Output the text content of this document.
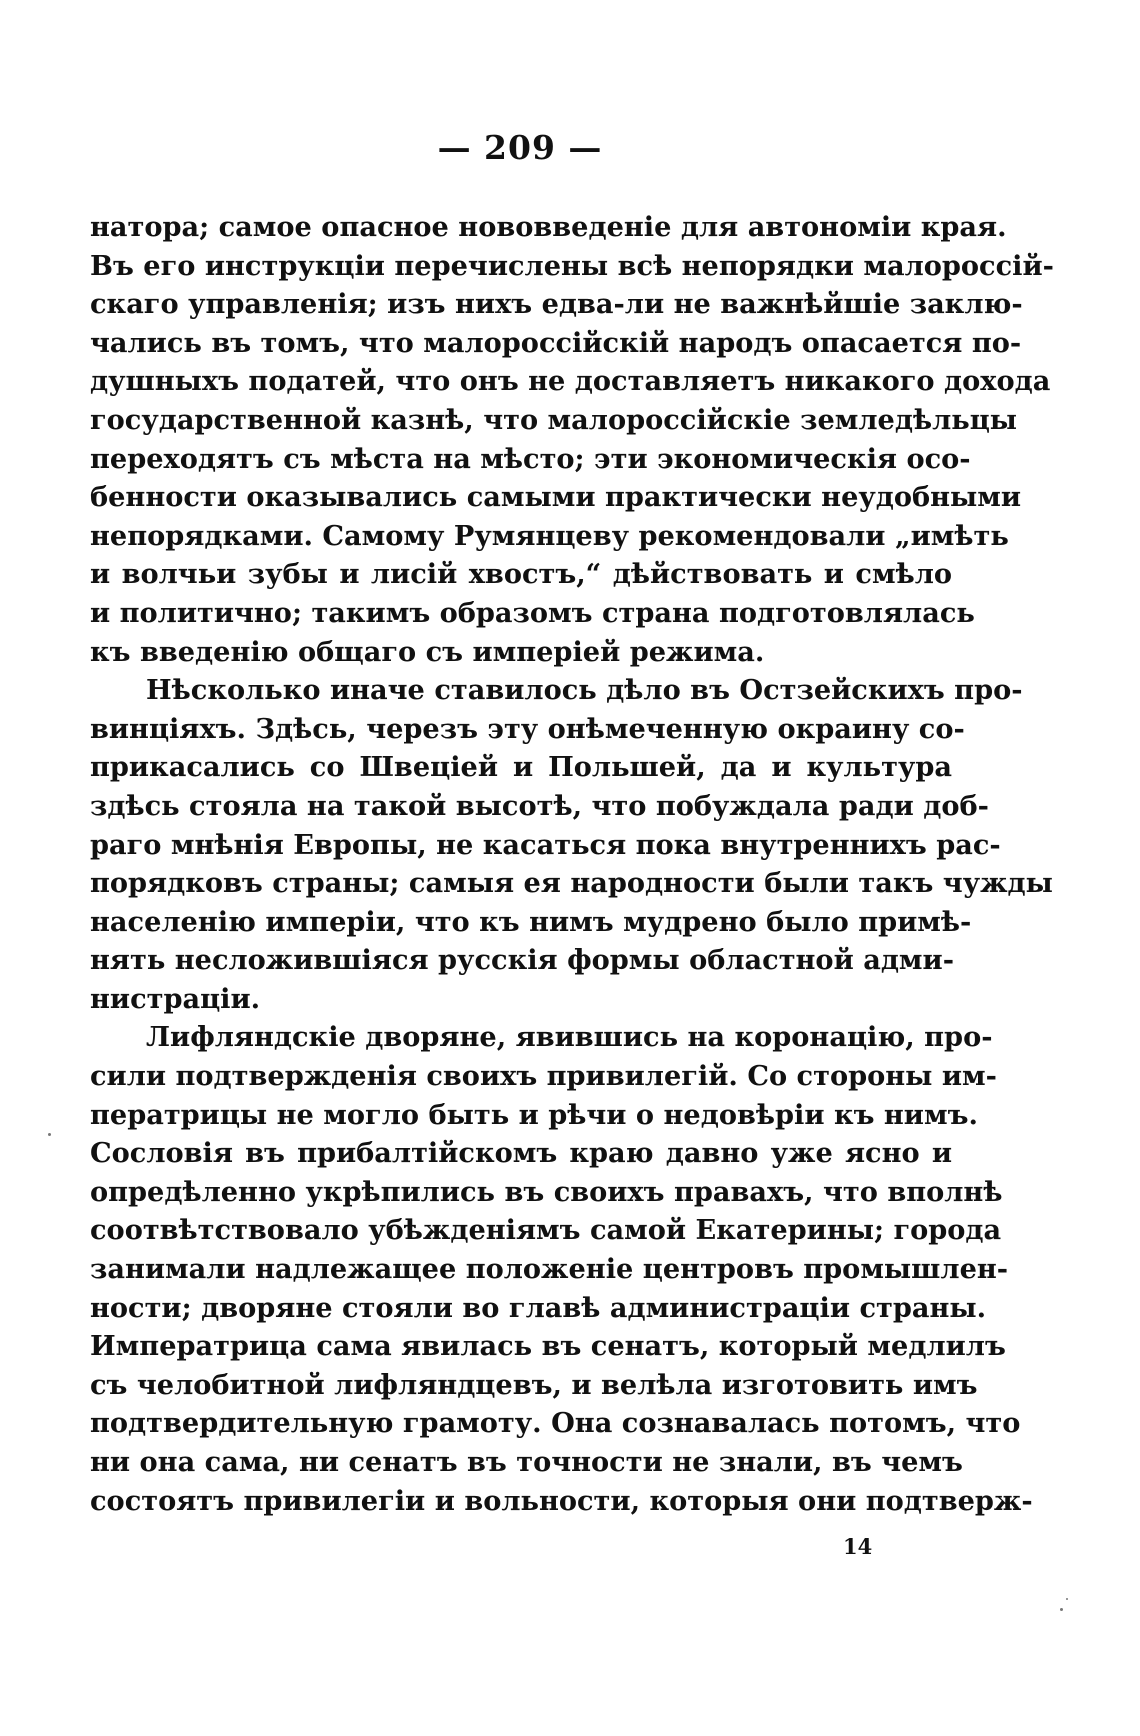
— 209 —
натора; самое опасное нововведеніе для автономіи края.
Въ его инструкціи перечислены всѣ непорядки малороссій-
скаго управленія; изъ нихъ едва-ли не важнѣйшіе заклю-
чались въ томъ, что малороссійскій народъ опасается по-
душныхъ податей, что онъ не доставляетъ никакого дохода
государственной казнѣ, что малороссійскіе земледѣльцы
переходятъ съ мѣста на мѣсто; эти экономическія осо-
бенности оказывались самыми практически неудобными
непорядками. Самому Румянцеву рекомендовали „имѣть
и волчьи зубы и лисій хвостъ,“ дѣйствовать и смѣло
и политично; такимъ образомъ страна подготовлялась
къ введенію общаго съ имперіей режима.
Нѣсколько иначе ставилось дѣло въ Остзейскихъ про-
винціяхъ. Здѣсь, черезъ эту онѣмеченную окраину со-
прикасались со Швеціей и Польшей, да и культура
здѣсь стояла на такой высотѣ, что побуждала ради доб-
раго мнѣнія Европы, не касаться пока внутреннихъ рас-
порядковъ страны; самыя ея народности были такъ чужды
населенію имперіи, что къ нимъ мудрено было примѣ-
нять несложившіяся русскія формы областной адми-
нистраціи.
Лифляндскіе дворяне, явившись на коронацію, про-
сили подтвержденія своихъ привилегій. Со стороны им-
ператрицы не могло быть и рѣчи о недовѣріи къ нимъ.
Сословія въ прибалтійскомъ краю давно уже ясно и
опредѣленно укрѣпились въ своихъ правахъ, что вполнѣ
соотвѣтствовало убѣжденіямъ самой Екатерины; города
занимали надлежащее положеніе центровъ промышлен-
ности; дворяне стояли во главѣ администраціи страны.
Императрица сама явилась въ сенатъ, который медлилъ
съ челобитной лифляндцевъ, и велѣла изготовить имъ
подтвердительную грамоту. Она сознавалась потомъ, что
ни она сама, ни сенатъ въ точности не знали, въ чемъ
состоятъ привилегіи и вольности, которыя они подтверж-
14
